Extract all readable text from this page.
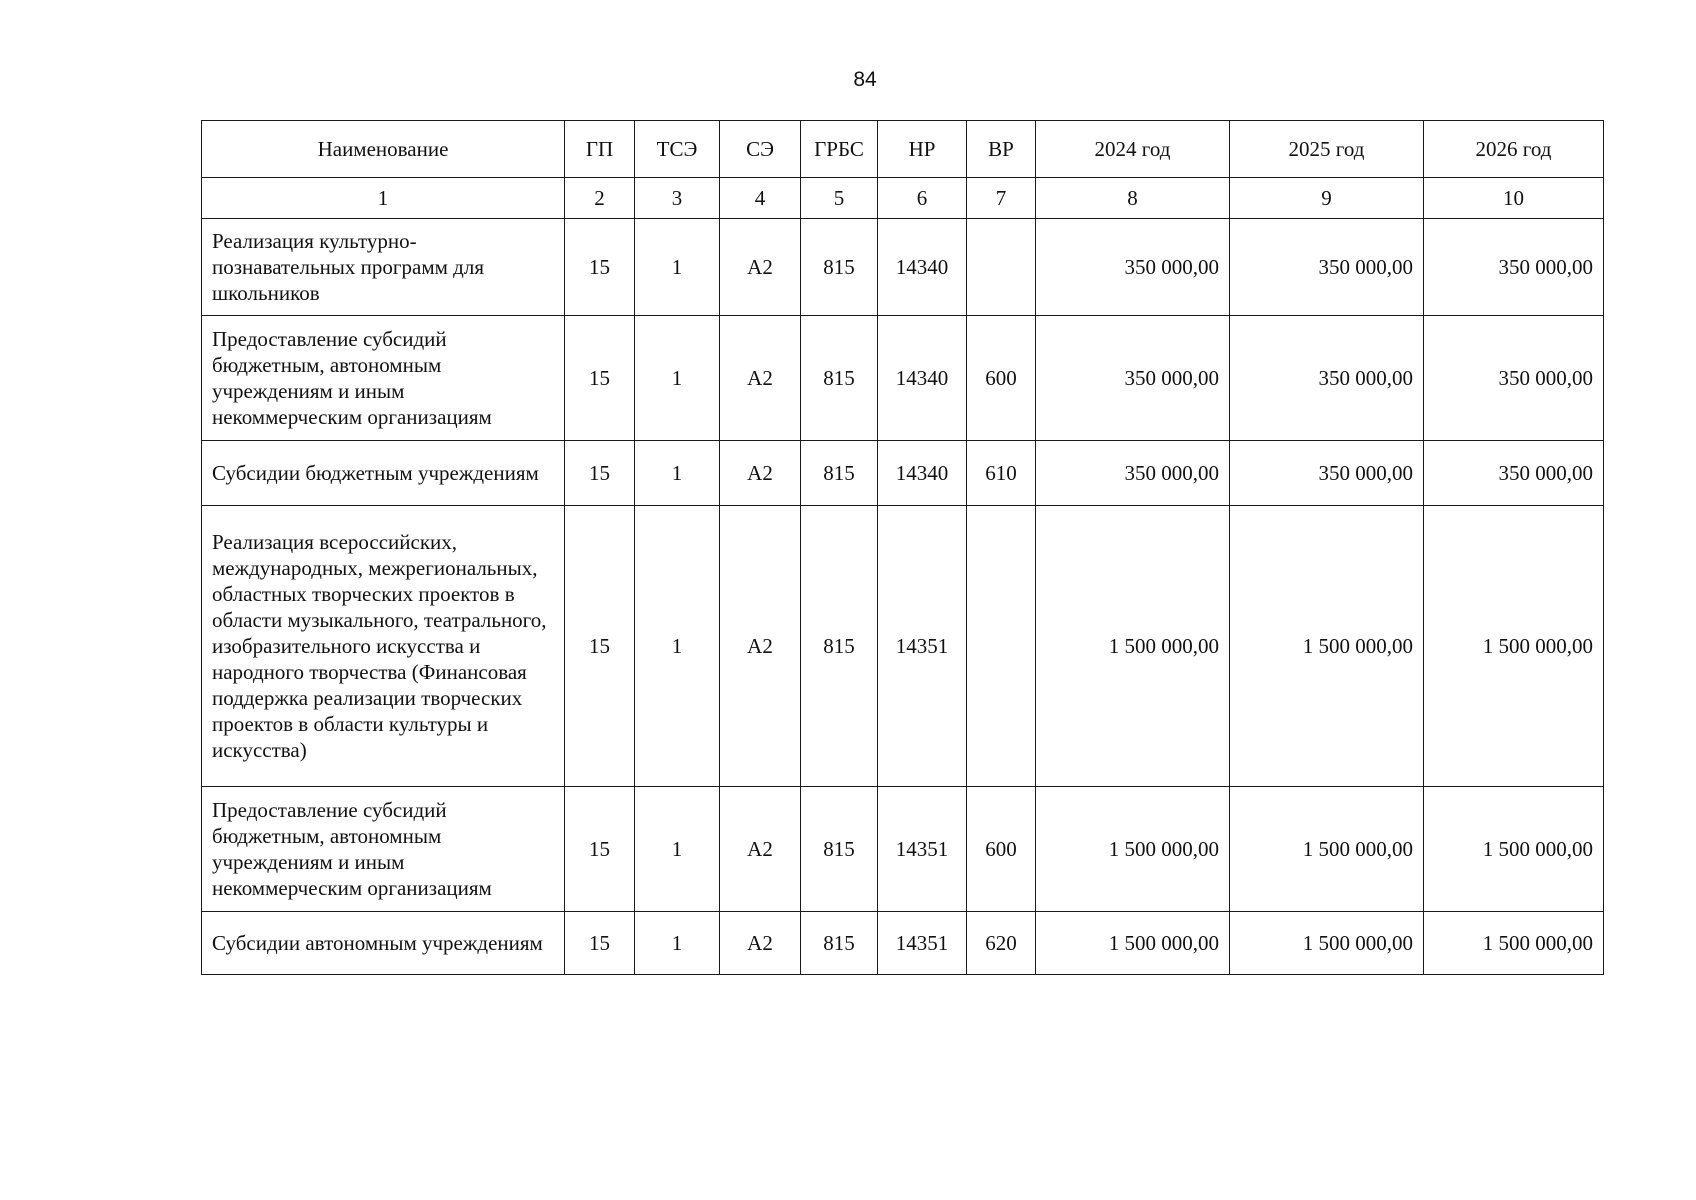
84
Наименование	ГП	ТСЭ	СЭ	ГРБС	НР	ВР	2024 год	2025 год	2026 год
1	2	3	4	5	6	7	8	9	10
Реализация культурно-познавательных программ для школьников	15	1	А2	815	14340		350 000,00	350 000,00	350 000,00
Предоставление субсидий бюджетным, автономным учреждениям и иным некоммерческим организациям	15	1	А2	815	14340	600	350 000,00	350 000,00	350 000,00
Субсидии бюджетным учреждениям	15	1	А2	815	14340	610	350 000,00	350 000,00	350 000,00
Реализация всероссийских, международных, межрегиональных, областных творческих проектов в области музыкального, театрального, изобразительного искусства и народного творчества (Финансовая поддержка реализации творческих проектов в области культуры и искусства)	15	1	А2	815	14351		1 500 000,00	1 500 000,00	1 500 000,00
Предоставление субсидий бюджетным, автономным учреждениям и иным некоммерческим организациям	15	1	А2	815	14351	600	1 500 000,00	1 500 000,00	1 500 000,00
Субсидии автономным учреждениям	15	1	А2	815	14351	620	1 500 000,00	1 500 000,00	1 500 000,00
